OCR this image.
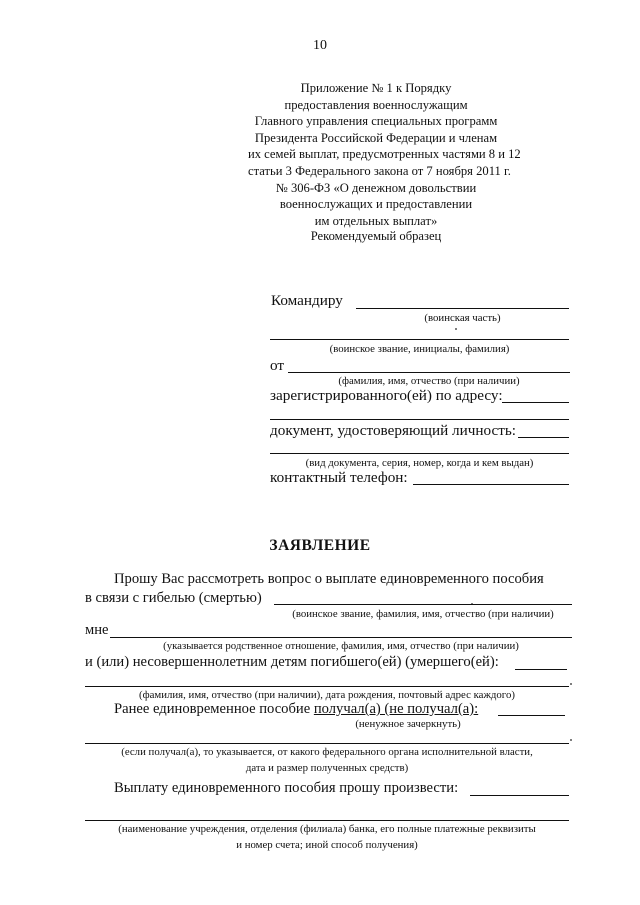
10
Приложение № 1 к Порядку
предоставления военнослужащим
Главного управления специальных программ
Президента Российской Федерации и членам
их семей выплат, предусмотренных частями 8 и 12
статьи 3 Федерального закона от 7 ноября 2011 г.
№ 306-ФЗ «О денежном довольствии
военнослужащих и предоставлении
им отдельных выплат»
Рекомендуемый образец
Командиру
(воинская часть)
(воинское звание, инициалы, фамилия)
от
(фамилия, имя, отчество (при наличии)
зарегистрированного(ей) по адресу:
документ, удостоверяющий личность:
(вид документа, серия, номер, когда и кем выдан)
контактный телефон:
ЗАЯВЛЕНИЕ
Прошу Вас рассмотреть вопрос о выплате единовременного пособия
в связи с гибелью (смертью)
(воинское звание, фамилия, имя, отчество (при наличии)
мне
(указывается родственное отношение, фамилия, имя, отчество (при наличии)
и (или) несовершеннолетним детям погибшего(ей) (умершего(ей):
(фамилия, имя, отчество (при наличии), дата рождения, почтовый адрес каждого)
Ранее единовременное пособие получал(а) (не получал(а):
(ненужное зачеркнуть)
(если получал(а), то указывается, от какого федерального органа исполнительной власти,
дата и размер полученных средств)
Выплату единовременного пособия прошу произвести:
(наименование учреждения, отделения (филиала) банка, его полные платежные реквизиты
и номер счета; иной способ получения)
